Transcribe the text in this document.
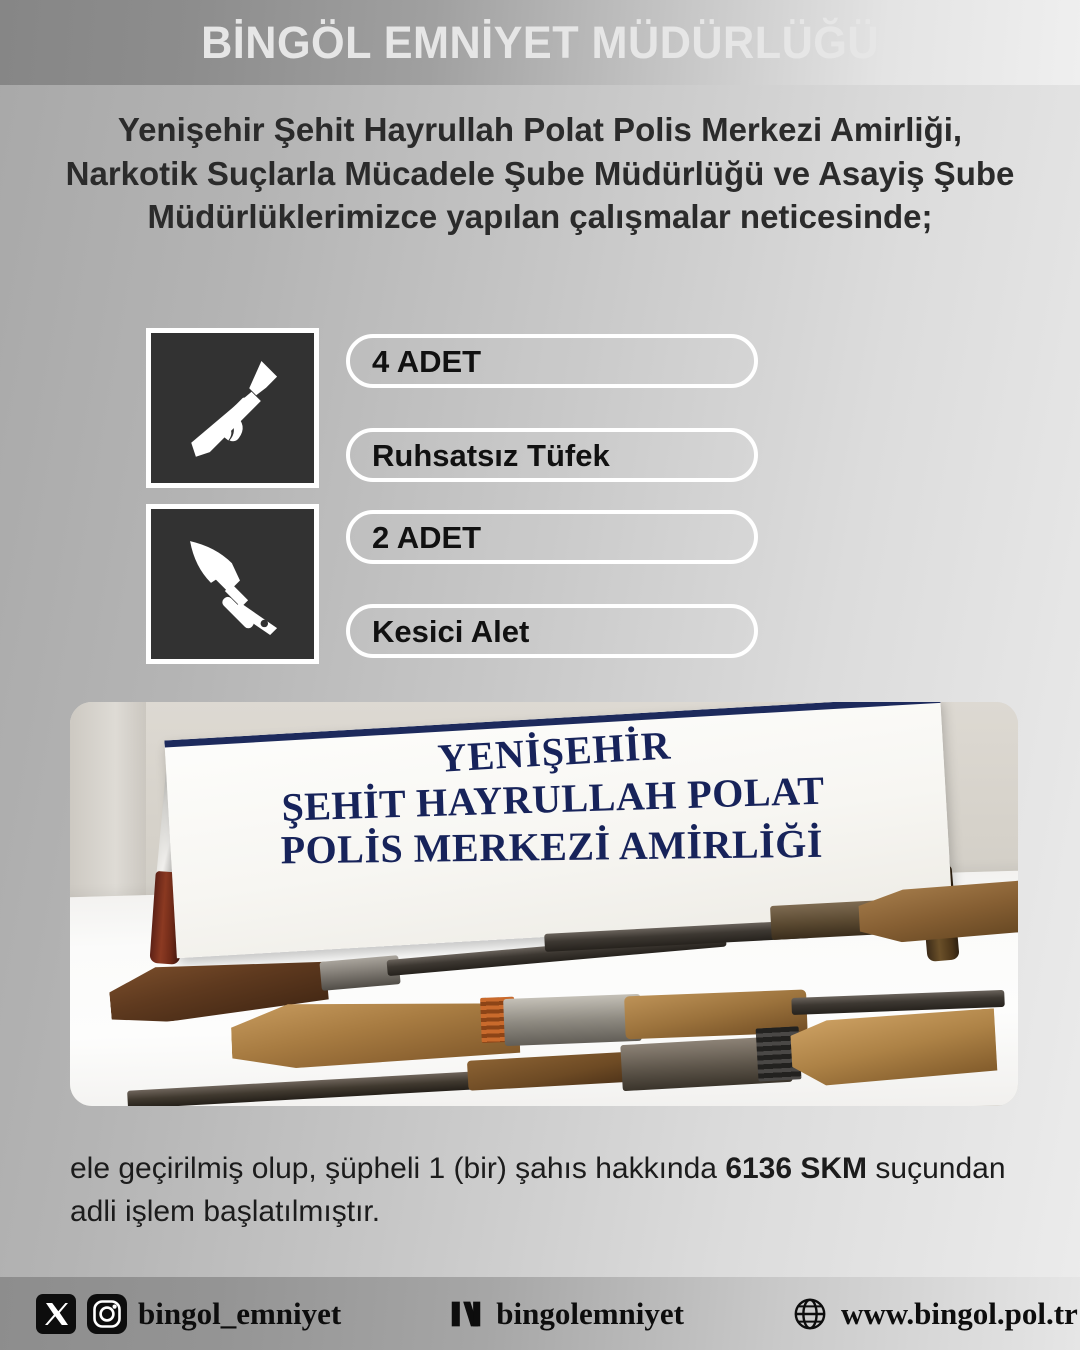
BİNGÖL EMNİYET MÜDÜRLÜĞÜ
Yenişehir Şehit Hayrullah Polat Polis Merkezi Amirliği, Narkotik Suçlarla Mücadele Şube Müdürlüğü ve Asayiş Şube Müdürlüklerimizce yapılan çalışmalar neticesinde;
4 ADET
Ruhsatsız Tüfek
2 ADET
Kesici Alet
YENİŞEHİR
ŞEHİT HAYRULLAH POLAT
POLİS MERKEZİ AMİRLİĞİ
ele geçirilmiş olup, şüpheli 1 (bir) şahıs hakkında 6136 SKM suçundan adli işlem başlatılmıştır.
bingol_emniyet	bingolemniyet	www.bingol.pol.tr
